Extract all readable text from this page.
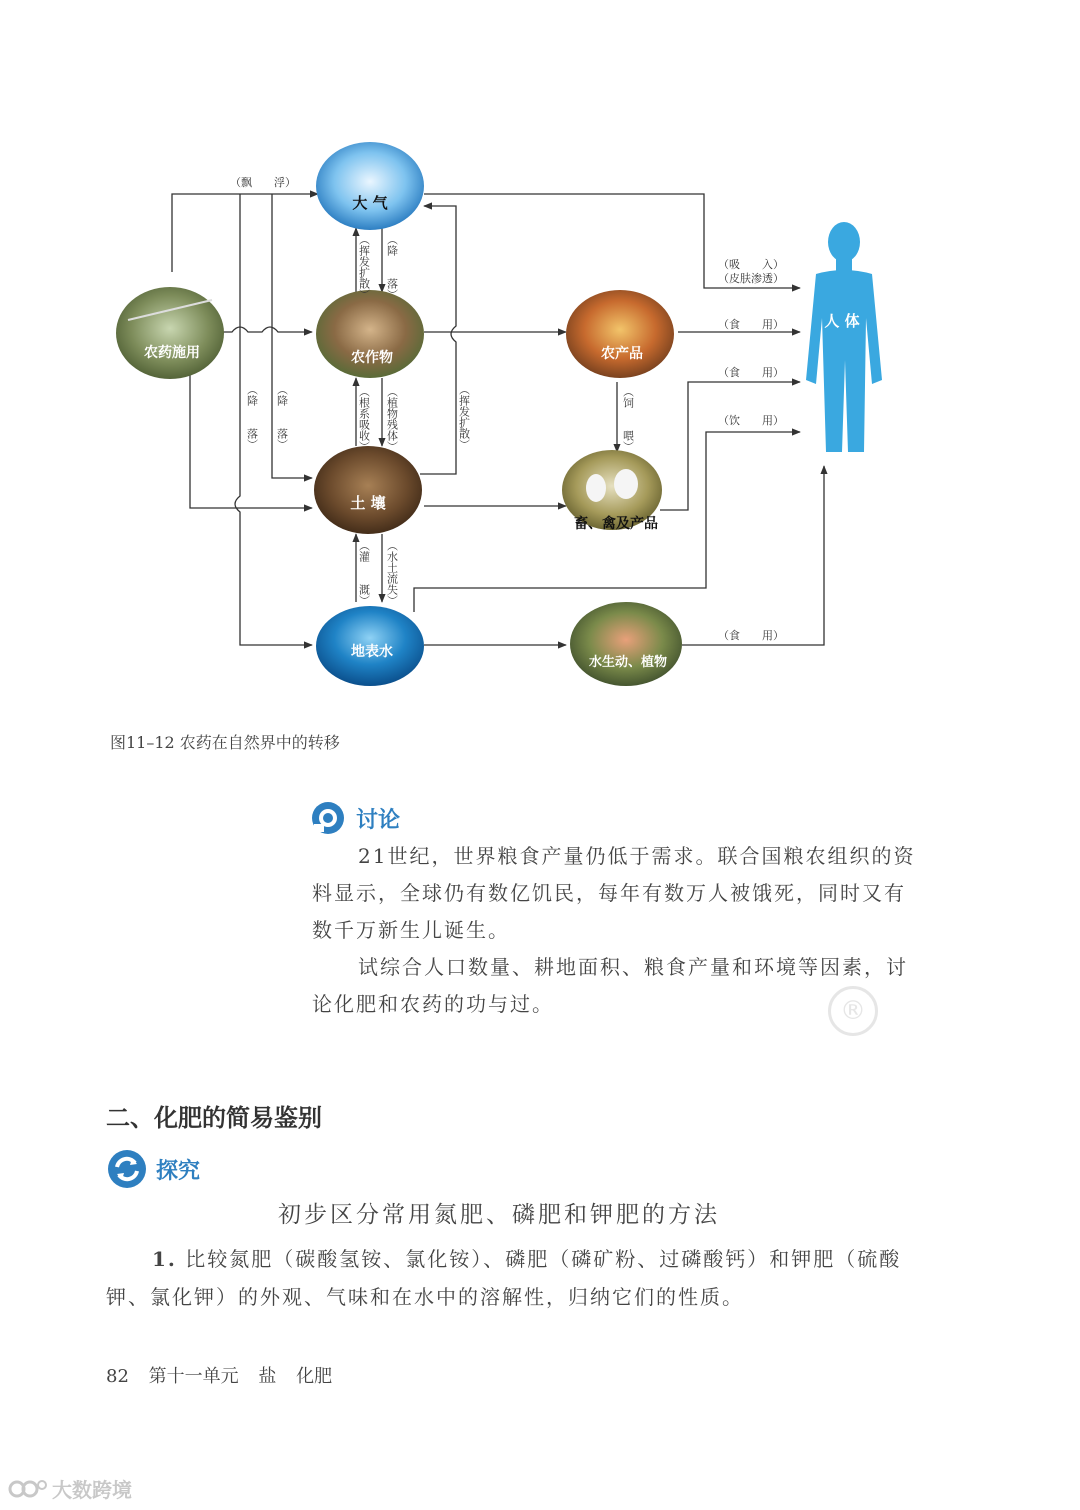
农药施用
大 气
农作物
土 壤
地表水
农产品
畜、禽及产品
水生动、植物
人 体
（飘　　浮）
（挥发扩散） （降　　落）
（根系吸收） （植物残体）	（挥发扩散）
（降　　落） （降　　落）
（灌　　溉） （水土流失）
（饲　　喂）
（吸　　入）
（皮肤渗透）
（食　　用）
（食　　用）
（饮　　用）
（食　　用）
图11–12 农药在自然界中的转移
讨论

21世纪，世界粮食产量仍低于需求。联合国粮农组织的资料显示，全球仍有数亿饥民，每年有数万人被饿死，同时又有数千万新生儿诞生。

试综合人口数量、耕地面积、粮食产量和环境等因素，讨论化肥和农药的功与过。	®
二、化肥的简易鉴别
探究
初步区分常用氮肥、磷肥和钾肥的方法
1. 比较氮肥（碳酸氢铵、氯化铵）、磷肥（磷矿粉、过磷酸钙）和钾肥（硫酸钾、氯化钾）的外观、气味和在水中的溶解性，归纳它们的性质。
82 第十一单元 盐 化肥
大数跨境
